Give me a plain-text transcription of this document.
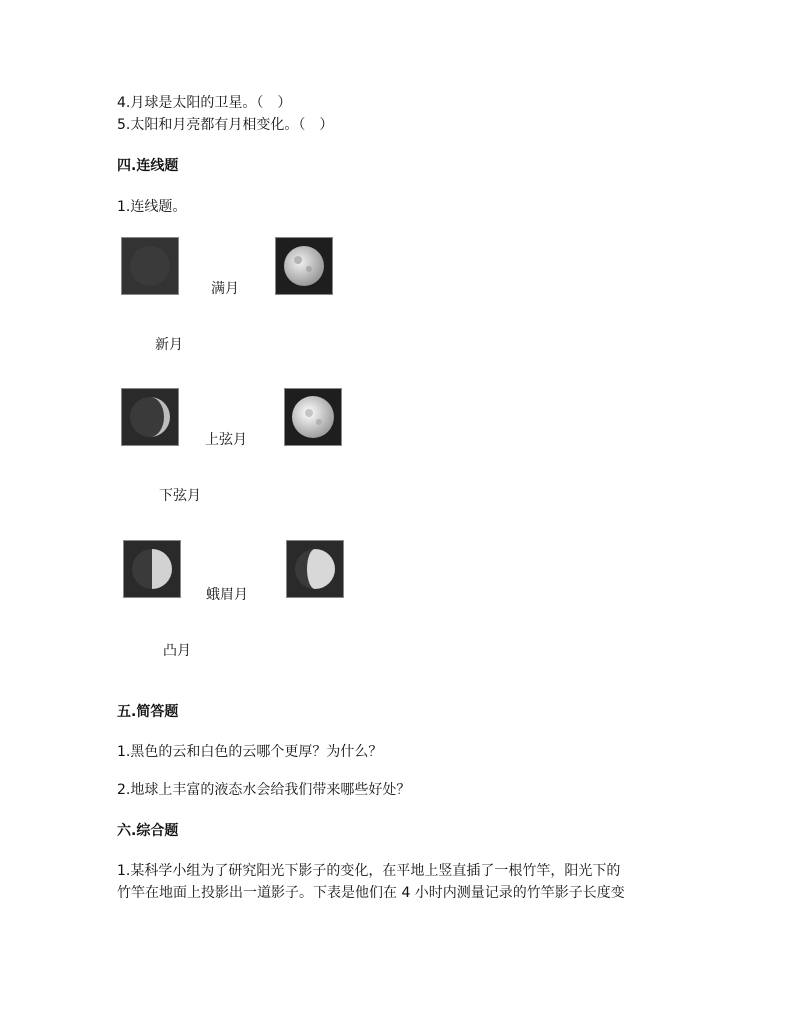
4.月球是太阳的卫星。（　）
5.太阳和月亮都有月相变化。（　）
四.连线题
1.连线题。
满月
新月
上弦月
下弦月
蛾眉月
凸月
五.简答题
1.黑色的云和白色的云哪个更厚？为什么？
2.地球上丰富的液态水会给我们带来哪些好处？
六.综合题
1.某科学小组为了研究阳光下影子的变化，在平地上竖直插了一根竹竿，阳光下的
竹竿在地面上投影出一道影子。下表是他们在 4 小时内测量记录的竹竿影子长度变
